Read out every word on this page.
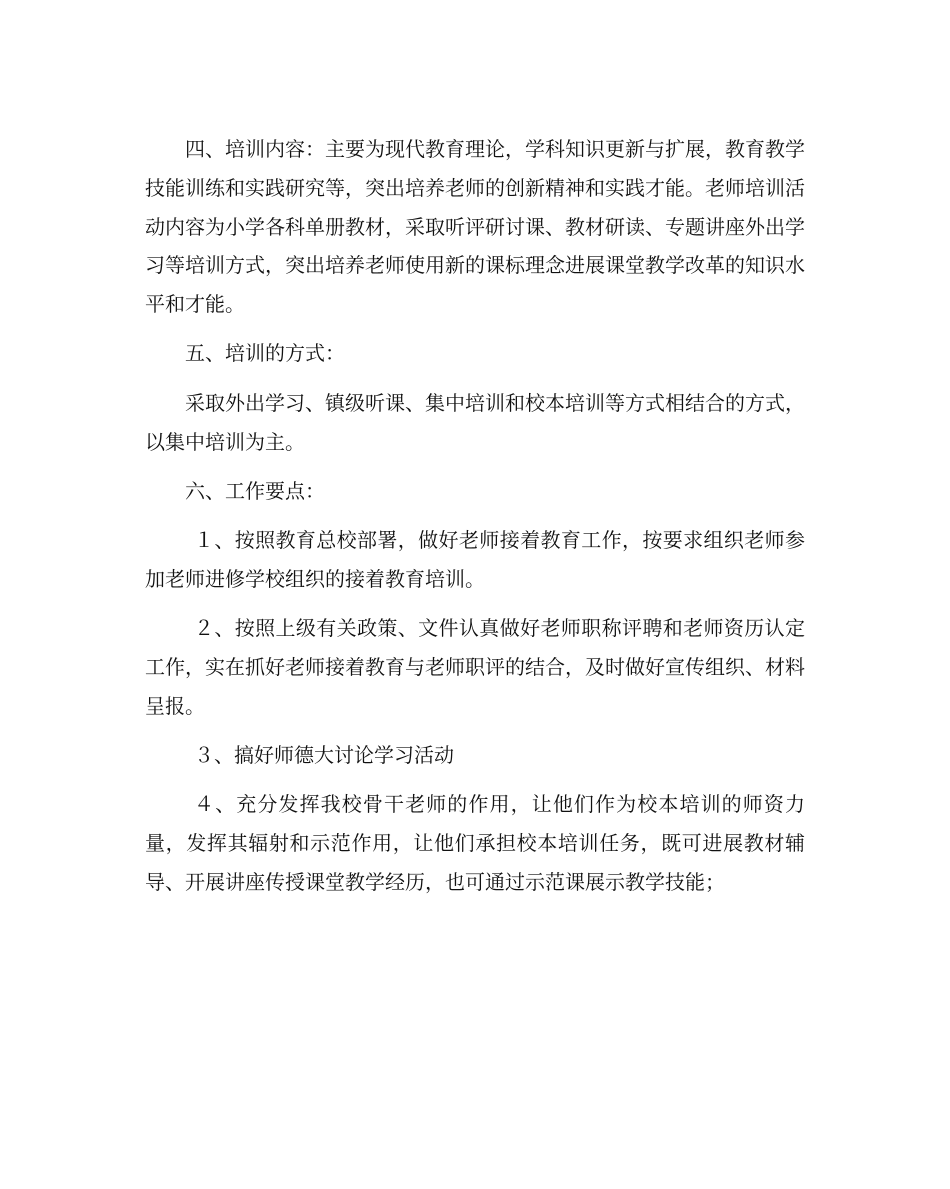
四、培训内容：主要为现代教育理论，学科知识更新与扩展，教育教学技能训练和实践研究等，突出培养老师的创新精神和实践才能。老师培训活动内容为小学各科单册教材，采取听评研讨课、教材研读、专题讲座外出学习等培训方式，突出培养老师使用新的课标理念进展课堂教学改革的知识水平和才能。

五、培训的方式：

采取外出学习、镇级听课、集中培训和校本培训等方式相结合的方式，以集中培训为主。

六、工作要点：

１、按照教育总校部署，做好老师接着教育工作，按要求组织老师参加老师进修学校组织的接着教育培训。

２、按照上级有关政策、文件认真做好老师职称评聘和老师资历认定工作，实在抓好老师接着教育与老师职评的结合，及时做好宣传组织、材料呈报。

３、搞好师德大讨论学习活动

４、充分发挥我校骨干老师的作用，让他们作为校本培训的师资力量，发挥其辐射和示范作用，让他们承担校本培训任务，既可进展教材辅导、开展讲座传授课堂教学经历，也可通过示范课展示教学技能；
